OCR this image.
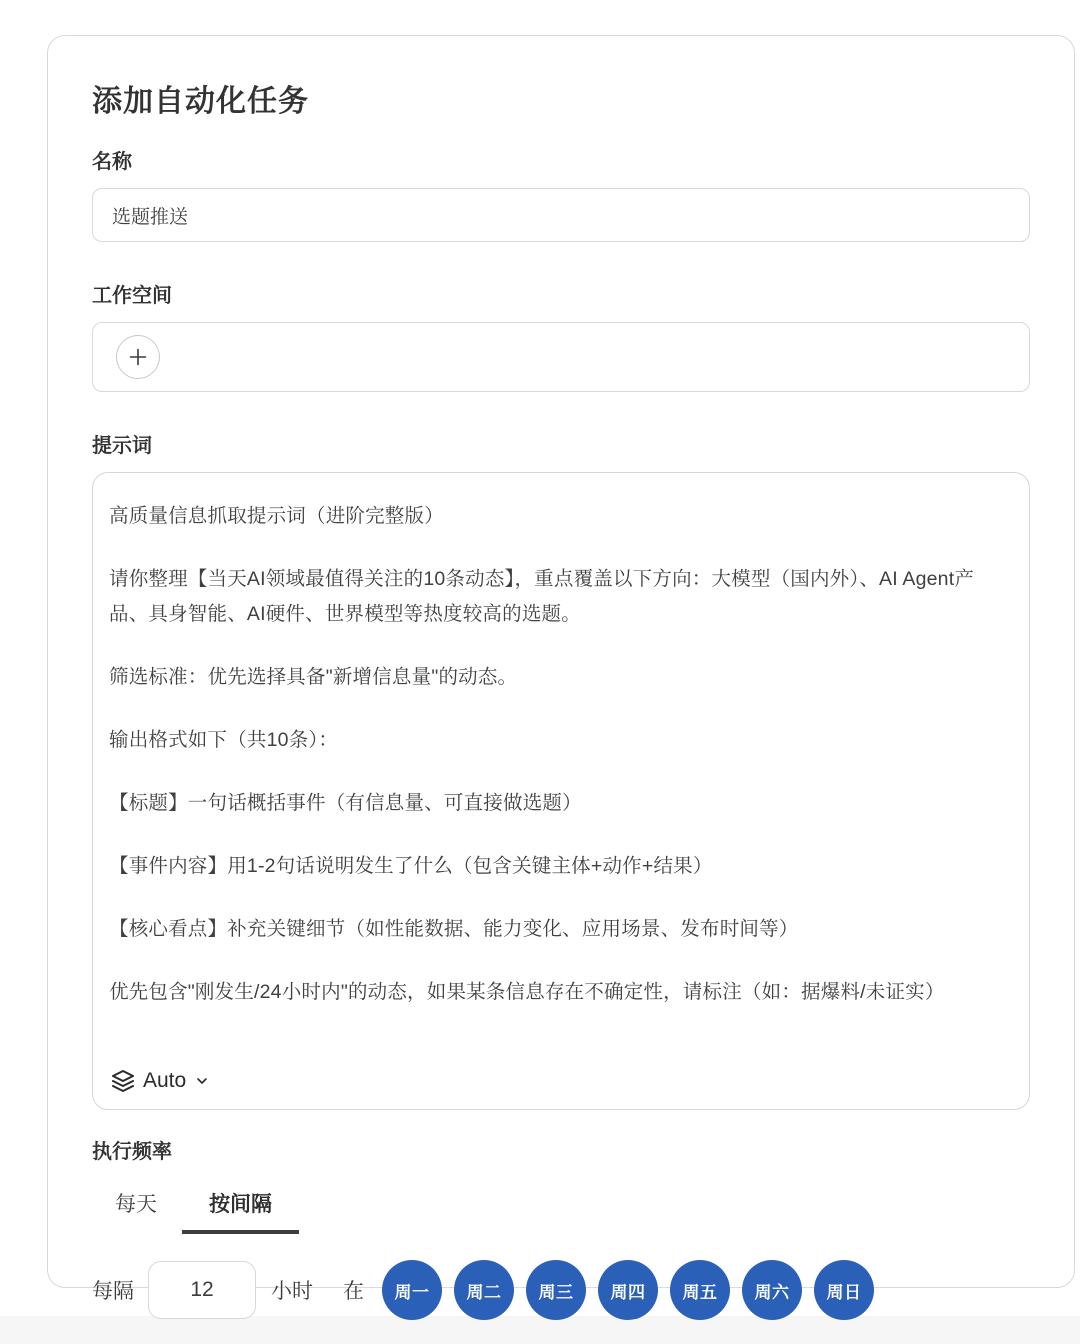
添加自动化任务
名称
选题推送
工作空间
提示词

高质量信息抓取提示词（进阶完整版）

请你整理【当天AI领域最值得关注的10条动态】，重点覆盖以下方向：大模型（国内外）、AI Agent产品、具身智能、AI硬件、世界模型等热度较高的选题。

筛选标准：优先选择具备"新增信息量"的动态。

输出格式如下（共10条）：

【标题】一句话概括事件（有信息量、可直接做选题）

【事件内容】用1-2句话说明发生了什么（包含关键主体+动作+结果）

【核心看点】补充关键细节（如性能数据、能力变化、应用场景、发布时间等）

优先包含"刚发生/24小时内"的动态，如果某条信息存在不确定性，请标注（如：据爆料/未证实）

Auto
执行频率
每天	按间隔
每隔
12	小时 在	周一	周二	周三	周四	周五	周六	周日
